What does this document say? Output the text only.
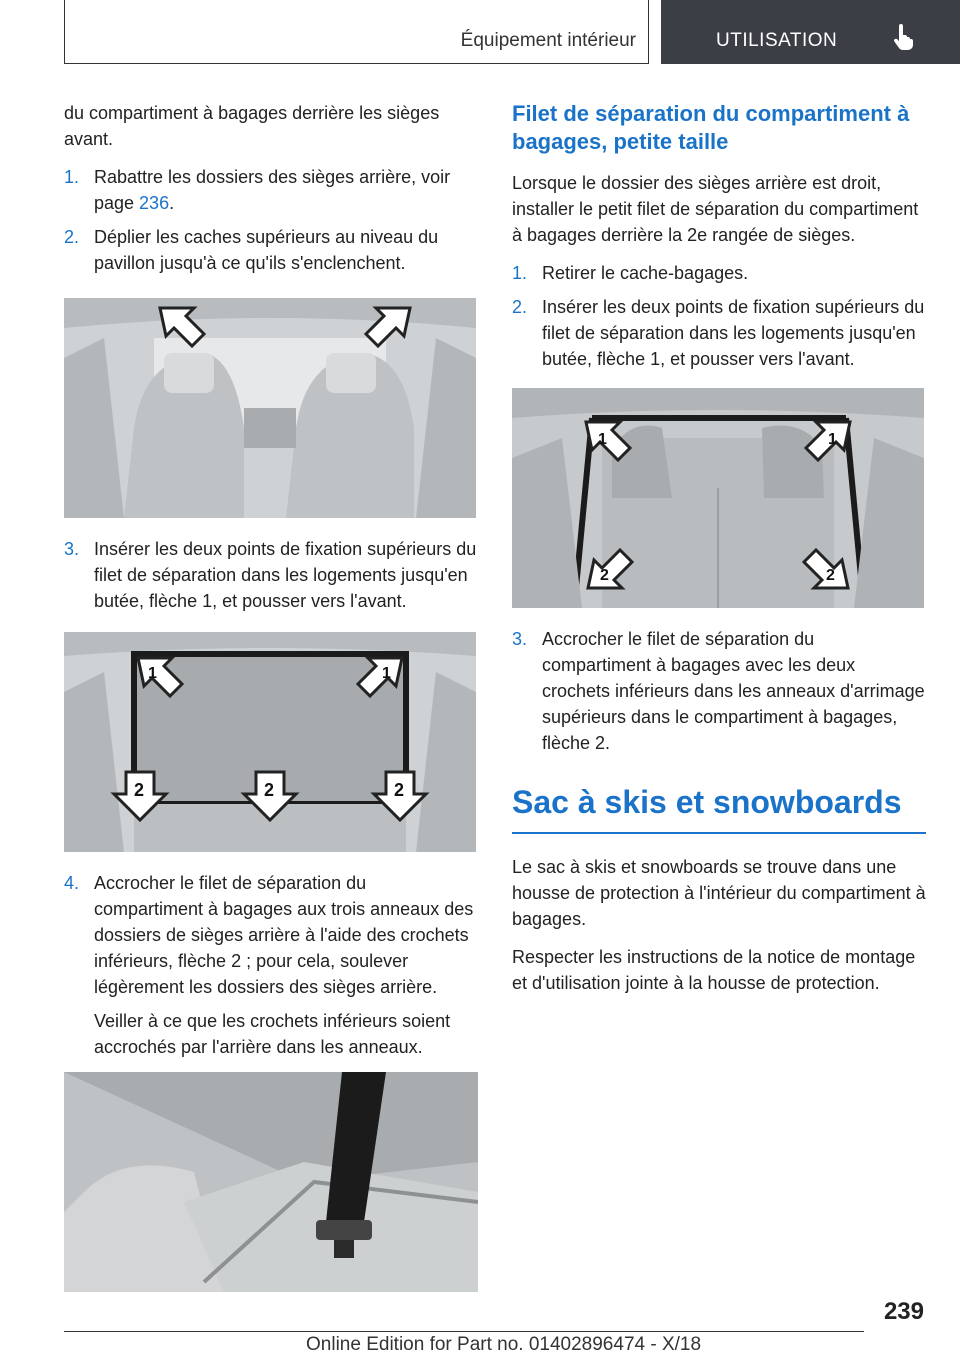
Équipement intérieur	UTILISATION

du compartiment à bagages derrière les sièges avant.

1. Rabattre les dossiers des sièges arrière, voir page 236.
2. Déplier les caches supérieurs au niveau du pavillon jusqu'à ce qu'ils s'enclenchent.
3. Insérer les deux points de fixation supérieurs du filet de séparation dans les logements jusqu'en butée, flèche 1, et pousser vers l'avant.
1	1
2	2	2
4. Accrocher le filet de séparation du compartiment à bagages aux trois anneaux des dossiers de sièges arrière à l'aide des crochets inférieurs, flèche 2 ; pour cela, soulever légèrement les dossiers des sièges arrière.

Veiller à ce que les crochets inférieurs soient accrochés par l'arrière dans les anneaux.

Filet de séparation du compartiment à bagages, petite taille

Lorsque le dossier des sièges arrière est droit, installer le petit filet de séparation du compartiment à bagages derrière la 2e rangée de sièges.

1. Retirer le cache-bagages.
2. Insérer les deux points de fixation supérieurs du filet de séparation dans les logements jusqu'en butée, flèche 1, et pousser vers l'avant.
1	1
2	2
3. Accrocher le filet de séparation du compartiment à bagages avec les deux crochets inférieurs dans les anneaux d'arrimage supérieurs dans le compartiment à bagages, flèche 2.
Sac à skis et snowboards

Le sac à skis et snowboards se trouve dans une housse de protection à l'intérieur du compartiment à bagages.

Respecter les instructions de la notice de montage et d'utilisation jointe à la housse de protection.

239
Online Edition for Part no. 01402896474 - X/18
